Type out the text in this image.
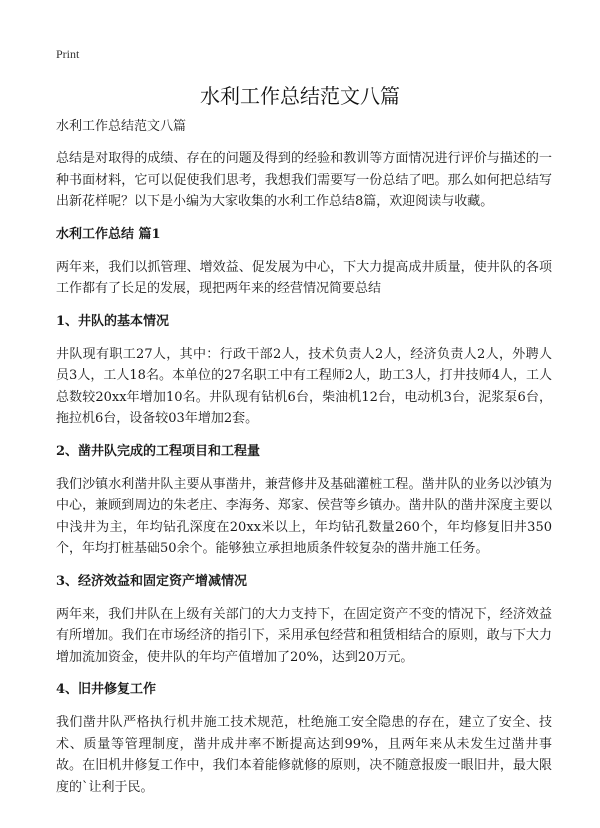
Print
水利工作总结范文八篇

水利工作总结范文八篇

总结是对取得的成绩、存在的问题及得到的经验和教训等方面情况进行评价与描述的一种书面材料，它可以促使我们思考，我想我们需要写一份总结了吧。那么如何把总结写出新花样呢？以下是小编为大家收集的水利工作总结8篇，欢迎阅读与收藏。

水利工作总结 篇1

两年来，我们以抓管理、增效益、促发展为中心，下大力提高成井质量，使井队的各项工作都有了长足的发展，现把两年来的经营情况简要总结

1、井队的基本情况

井队现有职工27人，其中：行政干部2人，技术负责人2人，经济负责人2人，外聘人员3人，工人18名。本单位的27名职工中有工程师2人，助工3人，打井技师4人，工人总数较20xx年增加10名。井队现有钻机6台，柴油机12台，电动机3台，泥浆泵6台，拖拉机6台，设备较03年增加2套。

2、凿井队完成的工程项目和工程量

我们沙镇水利凿井队主要从事凿井，兼营修井及基础灌桩工程。凿井队的业务以沙镇为中心，兼顾到周边的朱老庄、李海务、郑家、侯营等乡镇办。凿井队的凿井深度主要以中浅井为主，年均钻孔深度在20xx米以上，年均钻孔数量260个，年均修复旧井350个，年均打桩基础50余个。能够独立承担地质条件较复杂的凿井施工任务。

3、经济效益和固定资产增减情况

两年来，我们井队在上级有关部门的大力支持下，在固定资产不变的情况下，经济效益有所增加。我们在市场经济的指引下，采用承包经营和租赁相结合的原则，敢与下大力增加流加资金，使井队的年均产值增加了20%，达到20万元。

4、旧井修复工作

我们凿井队严格执行机井施工技术规范，杜绝施工安全隐患的存在，建立了安全、技术、质量等管理制度，凿井成井率不断提高达到99%，且两年来从未发生过凿井事故。在旧机井修复工作中，我们本着能修就修的原则，决不随意报废一眼旧井，最大限度的`让利于民。
